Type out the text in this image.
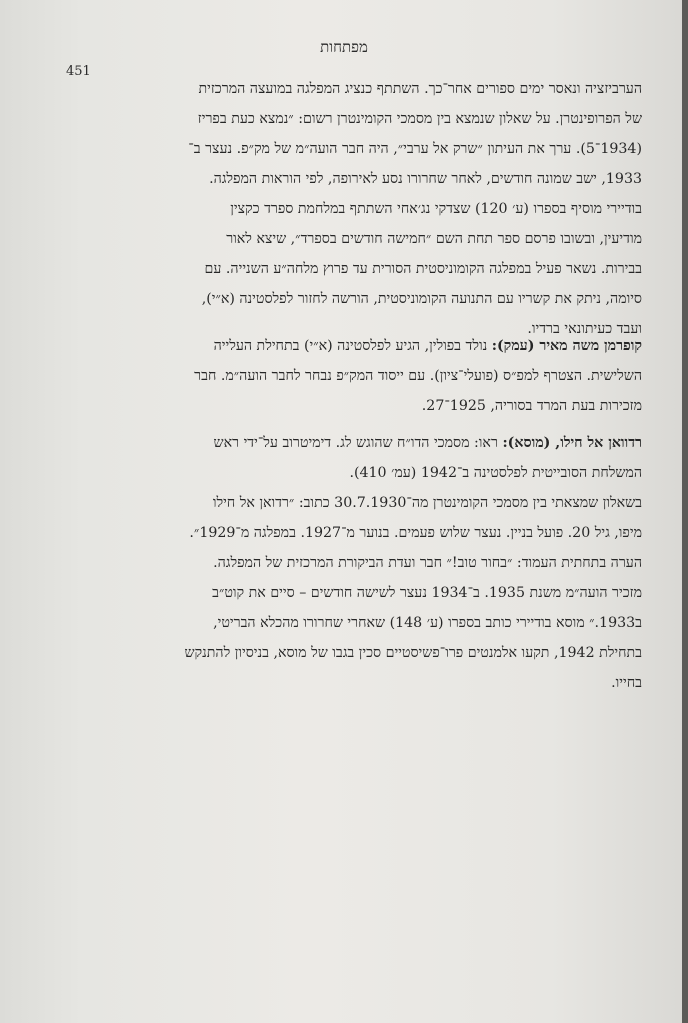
מפתחות
451
הערביזציה ונאסר ימים ספורים אחר־כך. השתתף כנציג המפלגה במועצה המרכזית
של הפרופינטרן. על שאלון שנמצא בין מסמכי הקומינטרן רשום: ״נמצא כעת בפריז
(1934־5). ערך את העיתון ״שרק אל ערבי״, היה חבר הועה״מ של מק״פ. נעצר ב־
1933, ישב שמונה חודשים, לאחר שחרורו נסע לאירופה, לפי הוראות המפלגה.
בודיירי מוסיף בספרו (ע׳ 120) שצדקי נג׳אחי השתתף במלחמת ספרד כקצין
מודיעין, ובשובו פרסם ספר תחת השם ״חמישה חודשים בספרד״, שיצא לאור
בבירות. נשאר פעיל במפלגה הקומוניסטית הסורית עד פרוץ מלחה״ע השנייה. עם
סיומה, ניתק את קשריו עם התנועה הקומוניסטית, הורשה לחזור לפלסטינה (א״י),
ועבד כעיתונאי ברדיו.
קופרמן משה מאיר (עמק): נולד בפולין, הגיע לפלסטינה (א״י) בתחילת העלייה
השלישית. הצטרף למפ״ס (פועלי־ציון). עם ייסוד המק״פ נבחר לחבר הועה״מ. חבר
מזכירות בעת המרד בסוריה, 1925־27.
רדוואן אל חילו, (מוסא): ראו: מסמכי הדו״ח שהוגש לג. דימיטרוב על־ידי ראש
המשלחת הסובייטית לפלסטינה ב־1942 (עמ׳ 410).
בשאלון שמצאתי בין מסמכי הקומינטרן מה־30.7.1930 כתוב: ״רדואן אל חילו
מיפו, גיל 20. פועל בניין. נעצר שלוש פעמים. בנוער מ־1927. במפלגה מ־1929״.
הערה בתחתית העמוד: ״בחור טוב!״ חבר ועדת הביקורת המרכזית של המפלגה.
מזכיר הועה״מ משנת 1935. ב־1934 נעצר לשישה חודשים – סיים את קוט״ב
ב1933.״ מוסא בודיירי כותב בספרו (ע׳ 148) שאחרי שחרורו מהכלא הבריטי,
בתחילת 1942, תקעו אלמנטים פרו־פשיסטיים סכין בגבו של מוסא, בניסיון להתנקש
בחייו.
